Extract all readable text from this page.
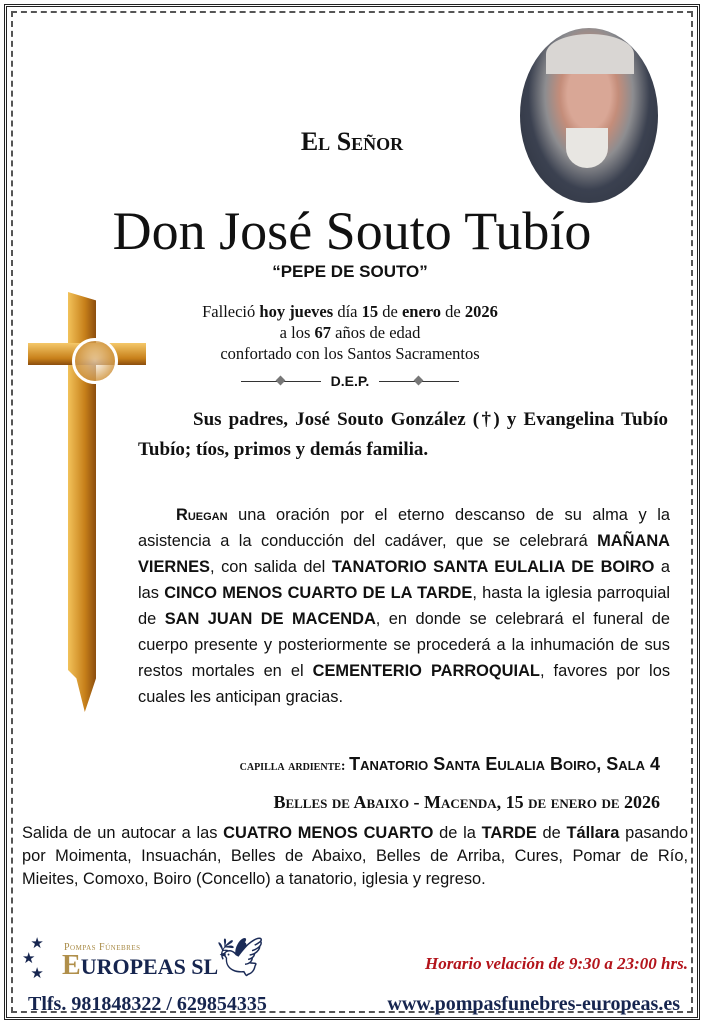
El Señor
Don José Souto Tubío
“PEPE DE SOUTO”
Falleció hoy jueves día 15 de enero de 2026
a los 67 años de edad
confortado con los Santos Sacramentos
D.E.P.
Sus padres, José Souto González (†) y Evangelina Tubío Tubío; tíos, primos y demás familia.
Ruegan una oración por el eterno descanso de su alma y la asistencia a la conducción del cadáver, que se celebrará MAÑANA VIERNES, con salida del TANATORIO SANTA EULALIA DE BOIRO a las CINCO MENOS CUARTO DE LA TARDE, hasta la iglesia parroquial de SAN JUAN DE MACENDA, en donde se celebrará el funeral de cuerpo presente y posteriormente se procederá a la inhumación de sus restos mortales en el CEMENTERIO PARROQUIAL, favores por los cuales les anticipan gracias.
capilla ardiente: Tanatorio Santa Eulalia Boiro, Sala 4
Belles de Abaixo - Macenda, 15 de enero de 2026
Salida de un autocar a las CUATRO MENOS CUARTO de la TARDE de Tállara pasando por Moimenta, Insuachán, Belles de Abaixo, Belles de Arriba, Cures, Pomar de Río, Mieites, Comoxo, Boiro (Concello) a tanatorio, iglesia y regreso.
★
★
★
Pompas Fúnebres
EUROPEAS SL
🕊	Horario velación de 9:30 a 23:00 hrs.
Tlfs. 981848322 / 629854335	www.pompasfunebres-europeas.es
